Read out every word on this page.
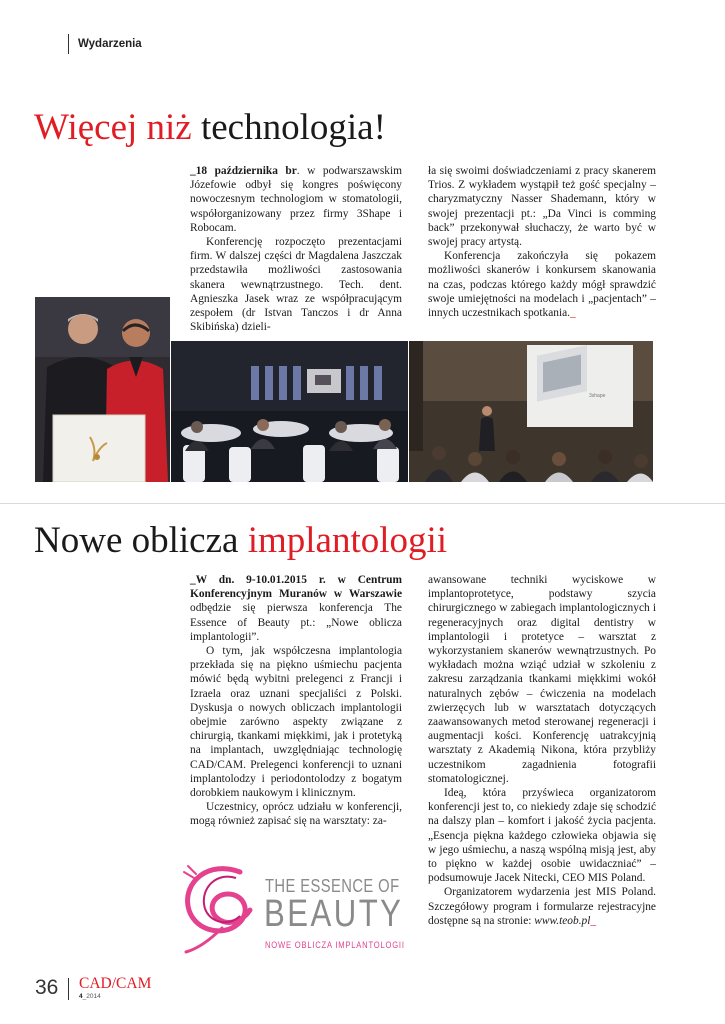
Wydarzenia
Więcej niż technologia!

_18 października br. w podwarszawskim Józefowie odbył się kongres poświęcony nowoczesnym technologiom w stomatologii, współorganizowany przez firmy 3Shape i Robocam.

Konferencję rozpoczęto prezentacjami firm. W dalszej części dr Magdalena Jaszczak przedstawiła możliwości zastosowania skanera wewnątrzustnego. Tech. dent. Agnieszka Jasek wraz ze współpracującym zespołem (dr Istvan Tanczos i dr Anna Skibińska) dzieli-

ła się swoimi doświadczeniami z pracy skanerem Trios. Z wykładem wystąpił też gość specjalny – charyzmatyczny Nasser Shademann, który w swojej prezentacji pt.: „Da Vinci is comming back” przekonywał słuchaczy, że warto być w swojej pracy artystą.

Konferencja zakończyła się pokazem możliwości skanerów i konkursem skanowania na czas, podczas którego każdy mógł sprawdzić swoje umiejętności na modelach i „pacjentach” – innych uczestnikach spotkania._

3shape
Nowe oblicza implantologii

_W dn. 9-10.01.2015 r. w Centrum Konferencyjnym Muranów w Warszawie odbędzie się pierwsza konferencja The Essence of Beauty pt.: „Nowe oblicza implantologii”.

O tym, jak współczesna implantologia przekłada się na piękno uśmiechu pacjenta mówić będą wybitni prelegenci z Francji i Izraela oraz uznani specjaliści z Polski. Dyskusja o nowych obliczach implantologii obejmie zarówno aspekty związane z chirurgią, tkankami miękkimi, jak i protetyką na implantach, uwzględniając technologię CAD/CAM. Prelegenci konferencji to uznani implantolodzy i periodontolodzy z bogatym dorobkiem naukowym i klinicznym.

Uczestnicy, oprócz udziału w konferencji, mogą również zapisać się na warsztaty: za-

awansowane techniki wyciskowe w implantoprotetyce, podstawy szycia chirurgicznego w zabiegach implantologicznych i regeneracyjnych oraz digital dentistry w implantologii i protetyce – warsztat z wykorzystaniem skanerów wewnątrzustnych. Po wykładach można wziąć udział w szkoleniu z zakresu zarządzania tkankami miękkimi wokół naturalnych zębów – ćwiczenia na modelach zwierzęcych lub w warsztatach dotyczących zaawansowanych metod sterowanej regeneracji i augmentacji kości. Konferencję uatrakcyjnią warsztaty z Akademią Nikona, która przybliży uczestnikom zagadnienia fotografii stomatologicznej.

Ideą, która przyświeca organizatorom konferencji jest to, co niekiedy zdaje się schodzić na dalszy plan – komfort i jakość życia pacjenta. „Esencja piękna każdego człowieka objawia się w jego uśmiechu, a naszą wspólną misją jest, aby to piękno w każdej osobie uwidaczniać” – podsumowuje Jacek Nitecki, CEO MIS Poland.

Organizatorem wydarzenia jest MIS Poland. Szczegółowy program i formularze rejestracyjne dostępne są na stronie: www.teob.pl_

THE ESSENCE OF
BEAUTY
NOWE OBLICZA IMPLANTOLOGII
36 CAD/CAM
4_2014
